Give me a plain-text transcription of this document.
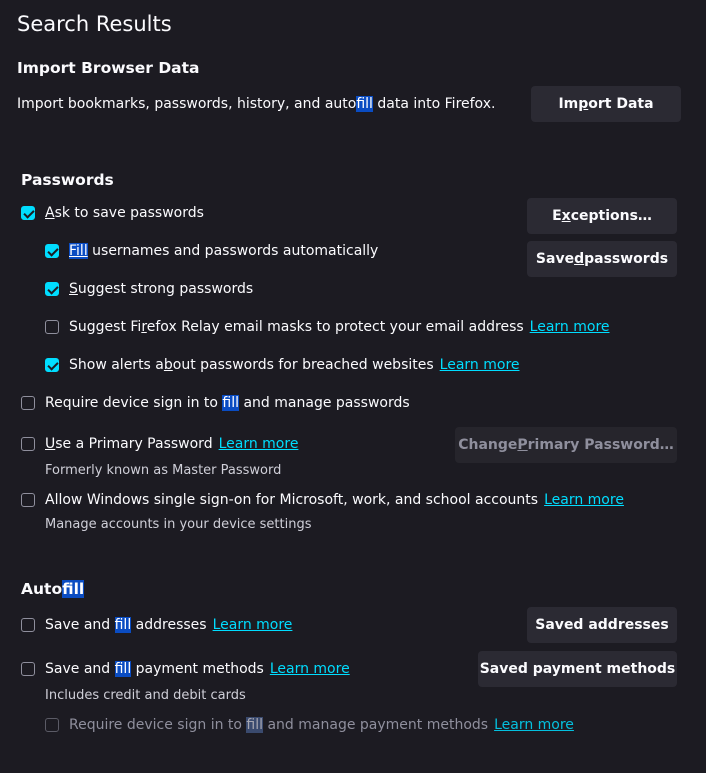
Search Results
Import Browser Data
Import bookmarks, passwords, history, and autofill data into Firefox.	Im p ort Data
Passwords
Ask to save passwords	E x ceptions…
Fill usernames and passwords automatically	Save d passwords
Suggest strong passwords
Suggest Firefox Relay email masks to protect your email address Learn more
Show alerts about passwords for breached websites Learn more
Require device sign in to fill and manage passwords
Use a Primary Password Learn more	Change P rimary Password…
Formerly known as Master Password
Allow Windows single sign-on for Microsoft, work, and school accounts Learn more
Manage accounts in your device settings
Autofill
Save and fill addresses Learn more	Saved addresses
Save and fill payment methods Learn more	Saved payment methods
Includes credit and debit cards
Require device sign in to fill and manage payment methods Learn more
